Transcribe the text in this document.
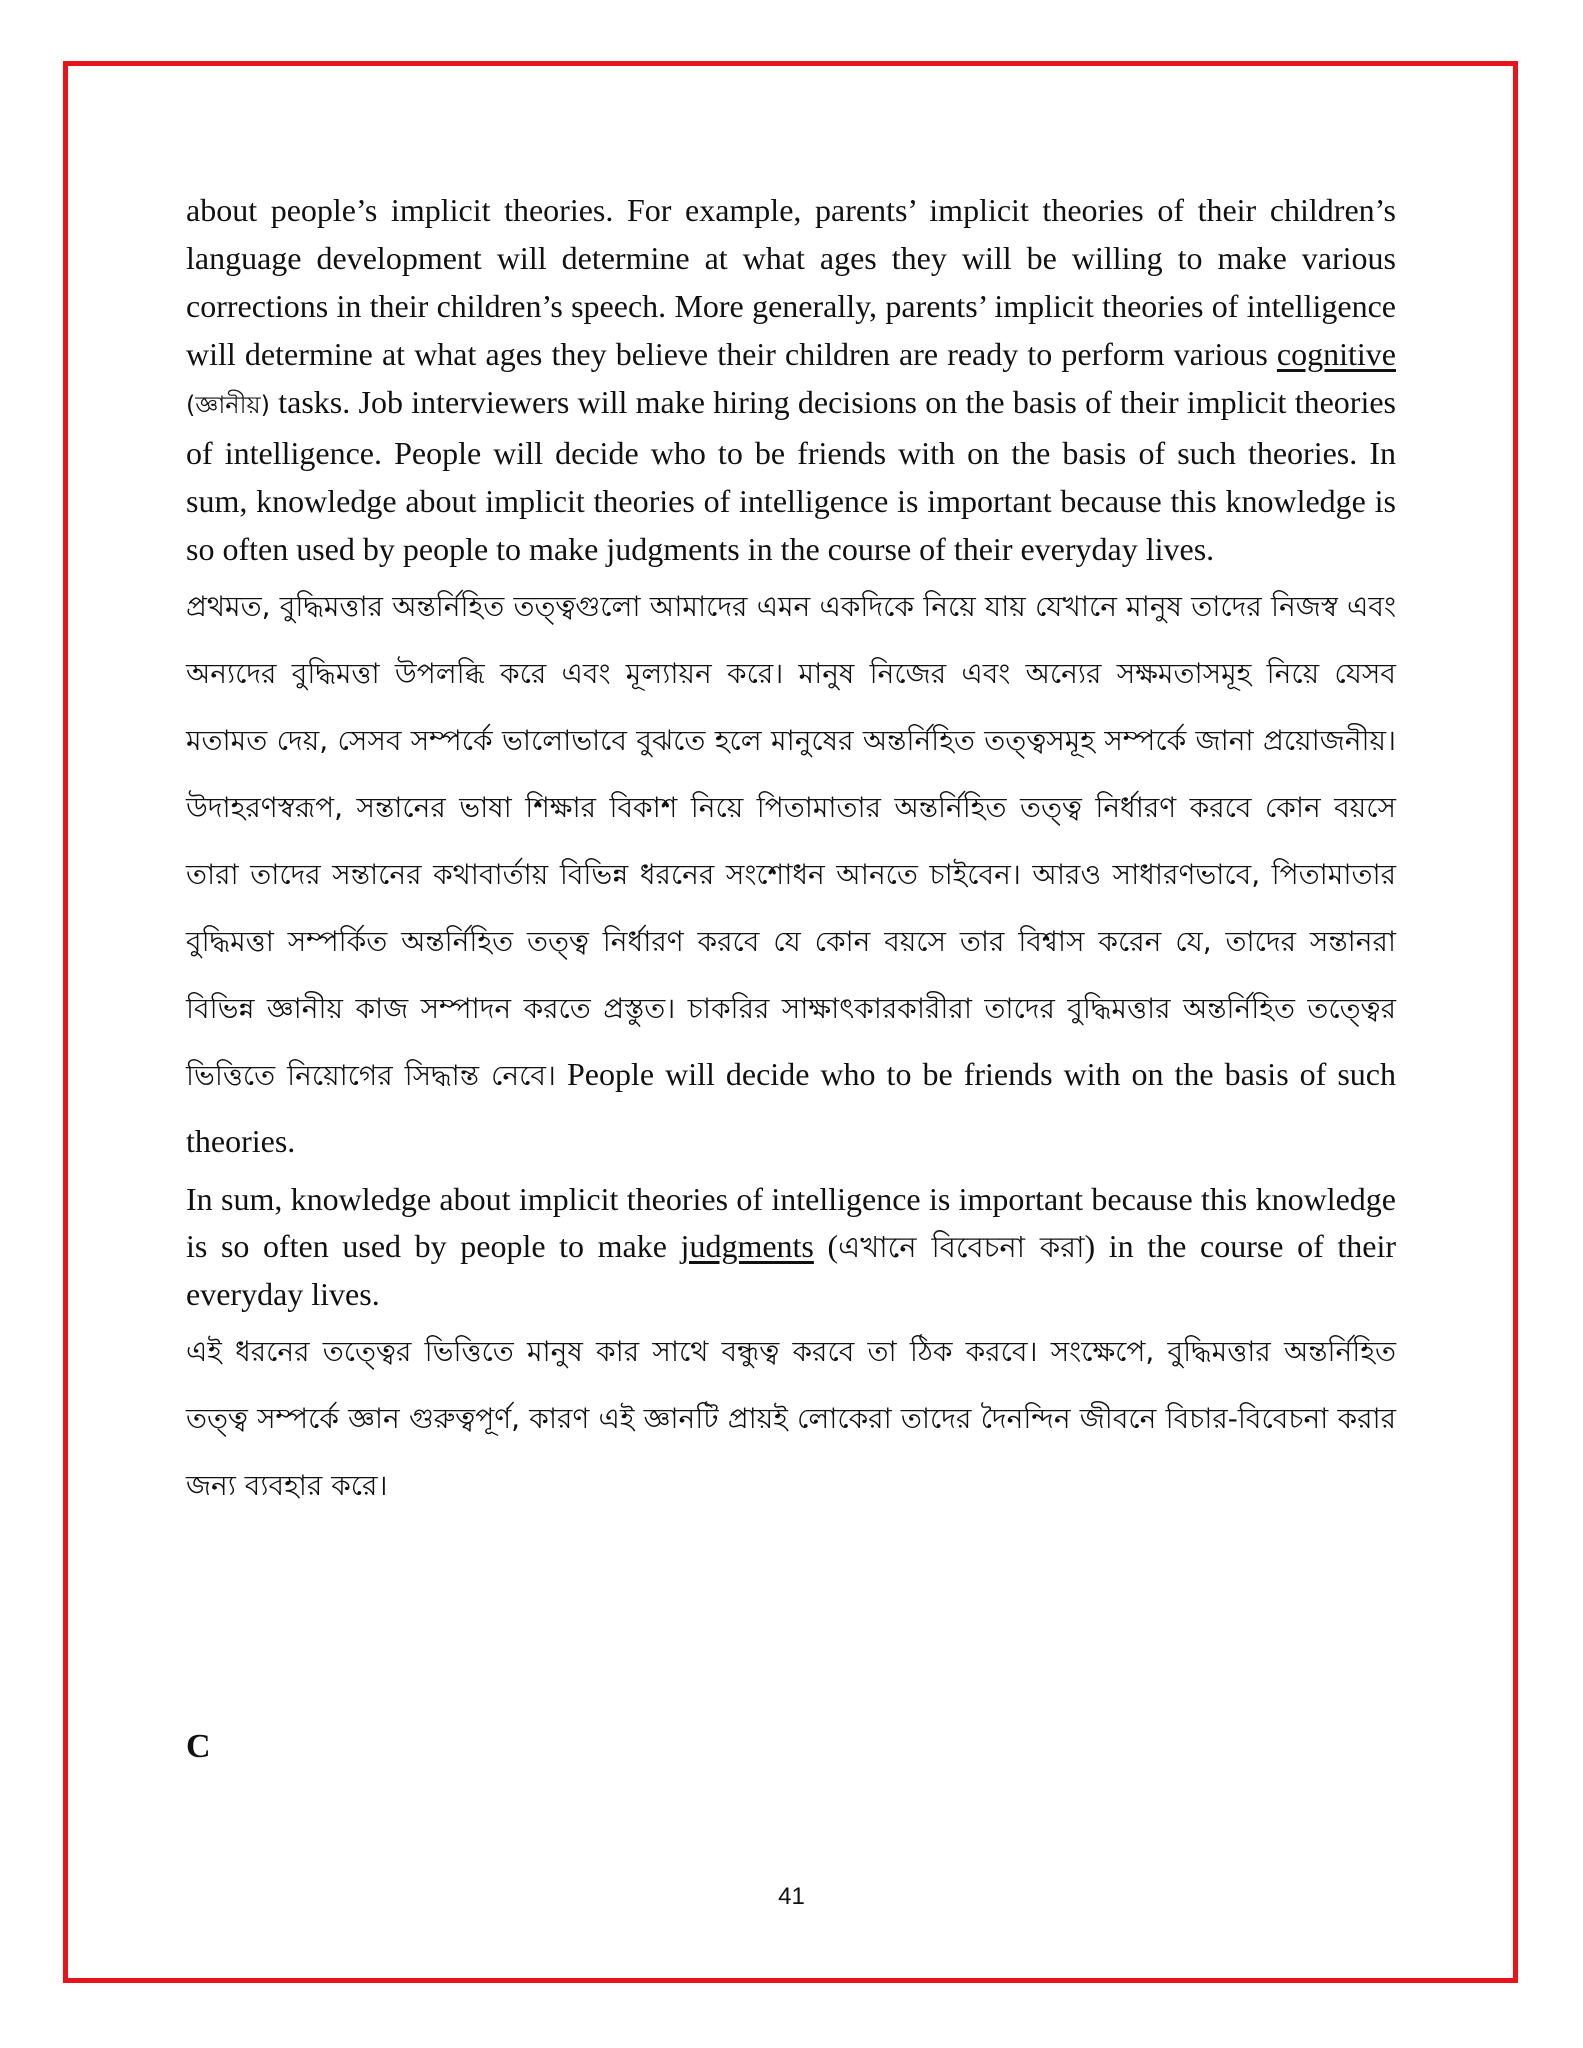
about people’s implicit theories. For example, parents’ implicit theories of their children’s language development will determine at what ages they will be willing to make various corrections in their children’s speech. More generally, parents’ implicit theories of intelligence will determine at what ages they believe their children are ready to perform various cognitive (জ্ঞানীয়) tasks. Job interviewers will make hiring decisions on the basis of their implicit theories of intelligence. People will decide who to be friends with on the basis of such theories. In sum, knowledge about implicit theories of intelligence is important because this knowledge is so often used by people to make judgments in the course of their everyday lives.

প্রথমত, বুদ্ধিমত্তার অন্তর্নিহিত তত্ত্বগুলো আমাদের এমন একদিকে নিয়ে যায় যেখানে মানুষ তাদের নিজস্ব এবং অন্যদের বুদ্ধিমত্তা উপলব্ধি করে এবং মূল্যায়ন করে। মানুষ নিজের এবং অন্যের সক্ষমতাসমূহ নিয়ে যেসব মতামত দেয়, সেসব সম্পর্কে ভালোভাবে বুঝতে হলে মানুষের অন্তর্নিহিত তত্ত্বসমূহ সম্পর্কে জানা প্রয়োজনীয়। উদাহরণস্বরূপ, সন্তানের ভাষা শিক্ষার বিকাশ নিয়ে পিতামাতার অন্তর্নিহিত তত্ত্ব নির্ধারণ করবে কোন বয়সে তারা তাদের সন্তানের কথাবার্তায় বিভিন্ন ধরনের সংশোধন আনতে চাইবেন। আরও সাধারণভাবে, পিতামাতার বুদ্ধিমত্তা সম্পর্কিত অন্তর্নিহিত তত্ত্ব নির্ধারণ করবে যে কোন বয়সে তার বিশ্বাস করেন যে, তাদের সন্তানরা বিভিন্ন জ্ঞানীয় কাজ সম্পাদন করতে প্রস্তুত। চাকরির সাক্ষাৎকারকারীরা তাদের বুদ্ধিমত্তার অন্তর্নিহিত তত্ত্বের ভিত্তিতে নিয়োগের সিদ্ধান্ত নেবে। People will decide who to be friends with on the basis of such theories.

In sum, knowledge about implicit theories of intelligence is important because this knowledge is so often used by people to make judgments (এখানে বিবেচনা করা) in the course of their everyday lives.

এই ধরনের তত্ত্বের ভিত্তিতে মানুষ কার সাথে বন্ধুত্ব করবে তা ঠিক করবে। সংক্ষেপে, বুদ্ধিমত্তার অন্তর্নিহিত তত্ত্ব সম্পর্কে জ্ঞান গুরুত্বপূর্ণ, কারণ এই জ্ঞানটি প্রায়ই লোকেরা তাদের দৈনন্দিন জীবনে বিচার-বিবেচনা করার জন্য ব্যবহার করে।

C

41
